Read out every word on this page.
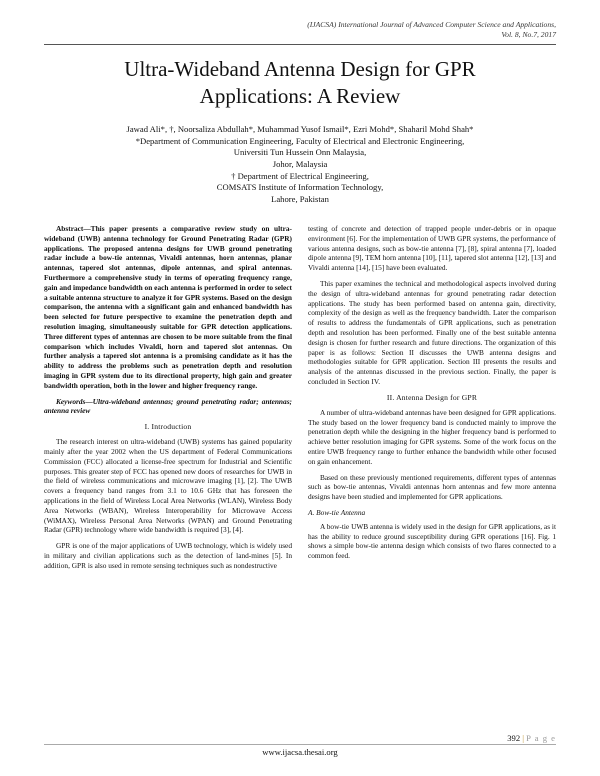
(IJACSA) International Journal of Advanced Computer Science and Applications,
Vol. 8, No.7, 2017
Ultra-Wideband Antenna Design for GPR
Applications: A Review
Jawad Ali*, †, Noorsaliza Abdullah*, Muhammad Yusof Ismail*, Ezri Mohd*, Shaharil Mohd Shah*
*Department of Communication Engineering, Faculty of Electrical and Electronic Engineering,
Universiti Tun Hussein Onn Malaysia,
Johor, Malaysia
† Department of Electrical Engineering,
COMSATS Institute of Information Technology,
Lahore, Pakistan

Abstract—This paper presents a comparative review study on ultra-wideband (UWB) antenna technology for Ground Penetrating Radar (GPR) applications. The proposed antenna designs for UWB ground penetrating radar include a bow-tie antennas, Vivaldi antennas, horn antennas, planar antennas, tapered slot antennas, dipole antennas, and spiral antennas. Furthermore a comprehensive study in terms of operating frequency range, gain and impedance bandwidth on each antenna is performed in order to select a suitable antenna structure to analyze it for GPR systems. Based on the design comparison, the antenna with a significant gain and enhanced bandwidth has been selected for future perspective to examine the penetration depth and resolution imaging, simultaneously suitable for GPR detection applications. Three different types of antennas are chosen to be more suitable from the final comparison which includes Vivaldi, horn and tapered slot antennas. On further analysis a tapered slot antenna is a promising candidate as it has the ability to address the problems such as penetration depth and resolution imaging in GPR system due to its directional property, high gain and greater bandwidth operation, both in the lower and higher frequency range.

Keywords—Ultra-wideband antennas; ground penetrating radar; antennas; antenna review

I. Introduction

The research interest on ultra-wideband (UWB) systems has gained popularity mainly after the year 2002 when the US department of Federal Communications Commission (FCC) allocated a license-free spectrum for Industrial and Scientific purposes. This greater step of FCC has opened new doors of researches for UWB in the field of wireless communications and microwave imaging [1], [2]. The UWB covers a frequency band ranges from 3.1 to 10.6 GHz that has foreseen the applications in the field of Wireless Local Area Networks (WLAN), Wireless Body Area Networks (WBAN), Wireless Interoperability for Microwave Access (WiMAX), Wireless Personal Area Networks (WPAN) and Ground Penetrating Radar (GPR) technology where wide bandwidth is required [3], [4].

GPR is one of the major applications of UWB technology, which is widely used in military and civilian applications such as the detection of land-mines [5]. In addition, GPR is also used in remote sensing techniques such as nondestructive

testing of concrete and detection of trapped people under-debris or in opaque environment [6]. For the implementation of UWB GPR systems, the performance of various antenna designs, such as bow-tie antenna [7], [8], spiral antenna [7], loaded dipole antenna [9], TEM horn antenna [10], [11], tapered slot antenna [12], [13] and Vivaldi antenna [14], [15] have been evaluated.

This paper examines the technical and methodological aspects involved during the design of ultra-wideband antennas for ground penetrating radar detection applications. The study has been performed based on antenna gain, directivity, complexity of the design as well as the frequency bandwidth. Later the comparison of results to address the fundamentals of GPR applications, such as penetration depth and resolution has been performed. Finally one of the best suitable antenna design is chosen for further research and future directions. The organization of this paper is as follows: Section II discusses the UWB antenna designs and methodologies suitable for GPR application. Section III presents the results and analysis of the antennas discussed in the previous section. Finally, the paper is concluded in Section IV.

II. Antenna Design for GPR

A number of ultra-wideband antennas have been designed for GPR applications. The study based on the lower frequency band is conducted mainly to improve the penetration depth while the designing in the higher frequency band is performed to achieve better resolution imaging for GPR systems. Some of the work focus on the entire UWB frequency range to further enhance the bandwidth while other focused on gain enhancement.

Based on these previously mentioned requirements, different types of antennas such as bow-tie antennas, Vivaldi antennas horn antennas and few more antenna designs have been studied and implemented for GPR applications.

A. Bow-tie Antenna

A bow-tie UWB antenna is widely used in the design for GPR applications, as it has the ability to reduce ground susceptibility during GPR operations [16]. Fig. 1 shows a simple bow-tie antenna design which consists of two flares connected to a common feed.

392 | P a g e
www.ijacsa.thesai.org
